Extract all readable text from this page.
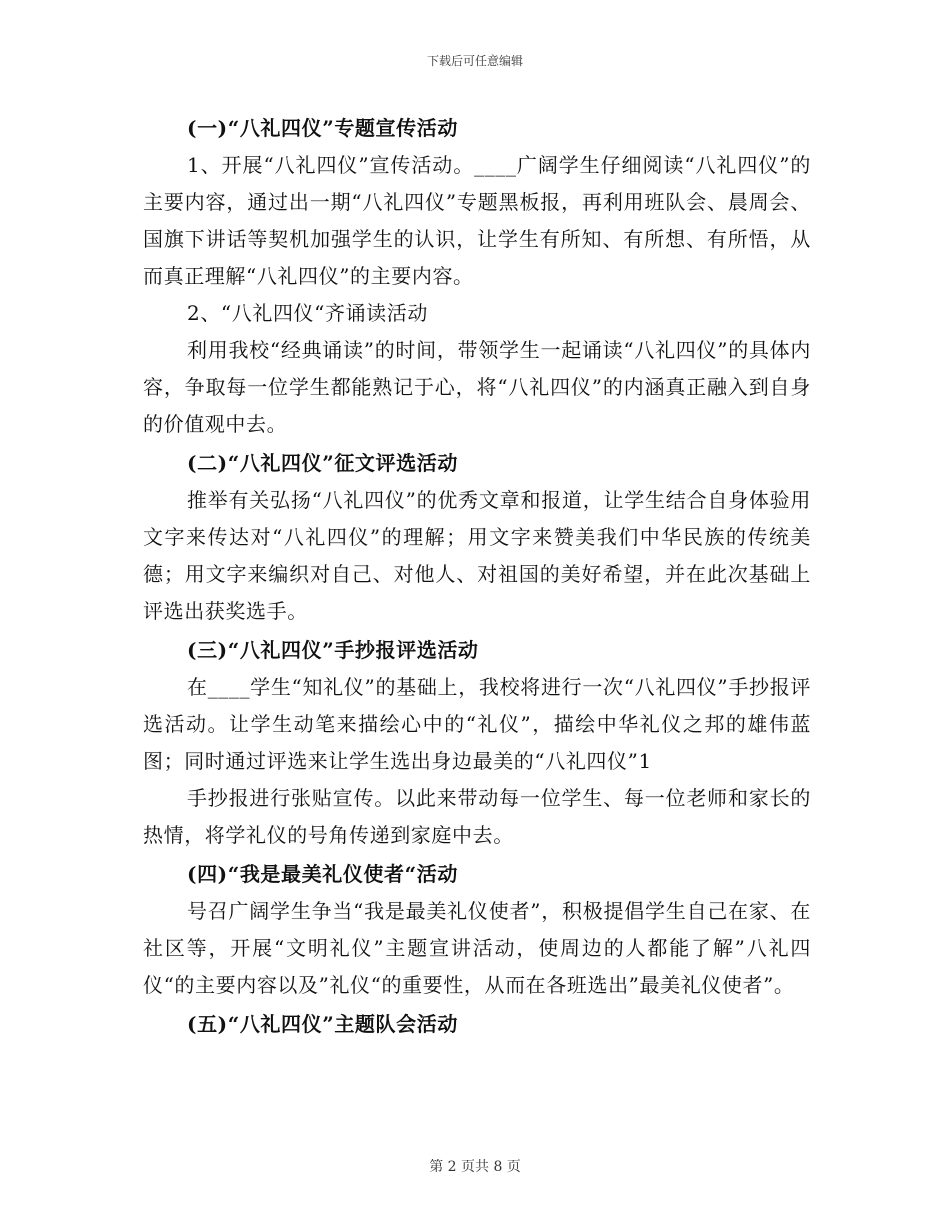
下载后可任意编辑

(一)“八礼四仪”专题宣传活动

1、开展“八礼四仪”宣传活动。____广阔学生仔细阅读“八礼四仪”的主要内容，通过出一期“八礼四仪”专题黑板报，再利用班队会、晨周会、国旗下讲话等契机加强学生的认识，让学生有所知、有所想、有所悟，从而真正理解“八礼四仪”的主要内容。

2、“八礼四仪“齐诵读活动

利用我校“经典诵读”的时间，带领学生一起诵读“八礼四仪”的具体内容，争取每一位学生都能熟记于心，将“八礼四仪”的内涵真正融入到自身的价值观中去。

(二)“八礼四仪”征文评选活动

推举有关弘扬“八礼四仪”的优秀文章和报道，让学生结合自身体验用文字来传达对“八礼四仪”的理解；用文字来赞美我们中华民族的传统美德；用文字来编织对自己、对他人、对祖国的美好希望，并在此次基础上评选出获奖选手。

(三)“八礼四仪”手抄报评选活动

在____学生“知礼仪”的基础上，我校将进行一次“八礼四仪”手抄报评选活动。让学生动笔来描绘心中的“礼仪”，描绘中华礼仪之邦的雄伟蓝图；同时通过评选来让学生选出身边最美的“八礼四仪”1

手抄报进行张贴宣传。以此来带动每一位学生、每一位老师和家长的热情，将学礼仪的号角传递到家庭中去。

(四)“我是最美礼仪使者“活动

号召广阔学生争当“我是最美礼仪使者”，积极提倡学生自己在家、在社区等，开展“文明礼仪”主题宣讲活动，使周边的人都能了解”八礼四仪“的主要内容以及”礼仪“的重要性，从而在各班选出”最美礼仪使者”。

(五)“八礼四仪”主题队会活动

第 2 页共 8 页
